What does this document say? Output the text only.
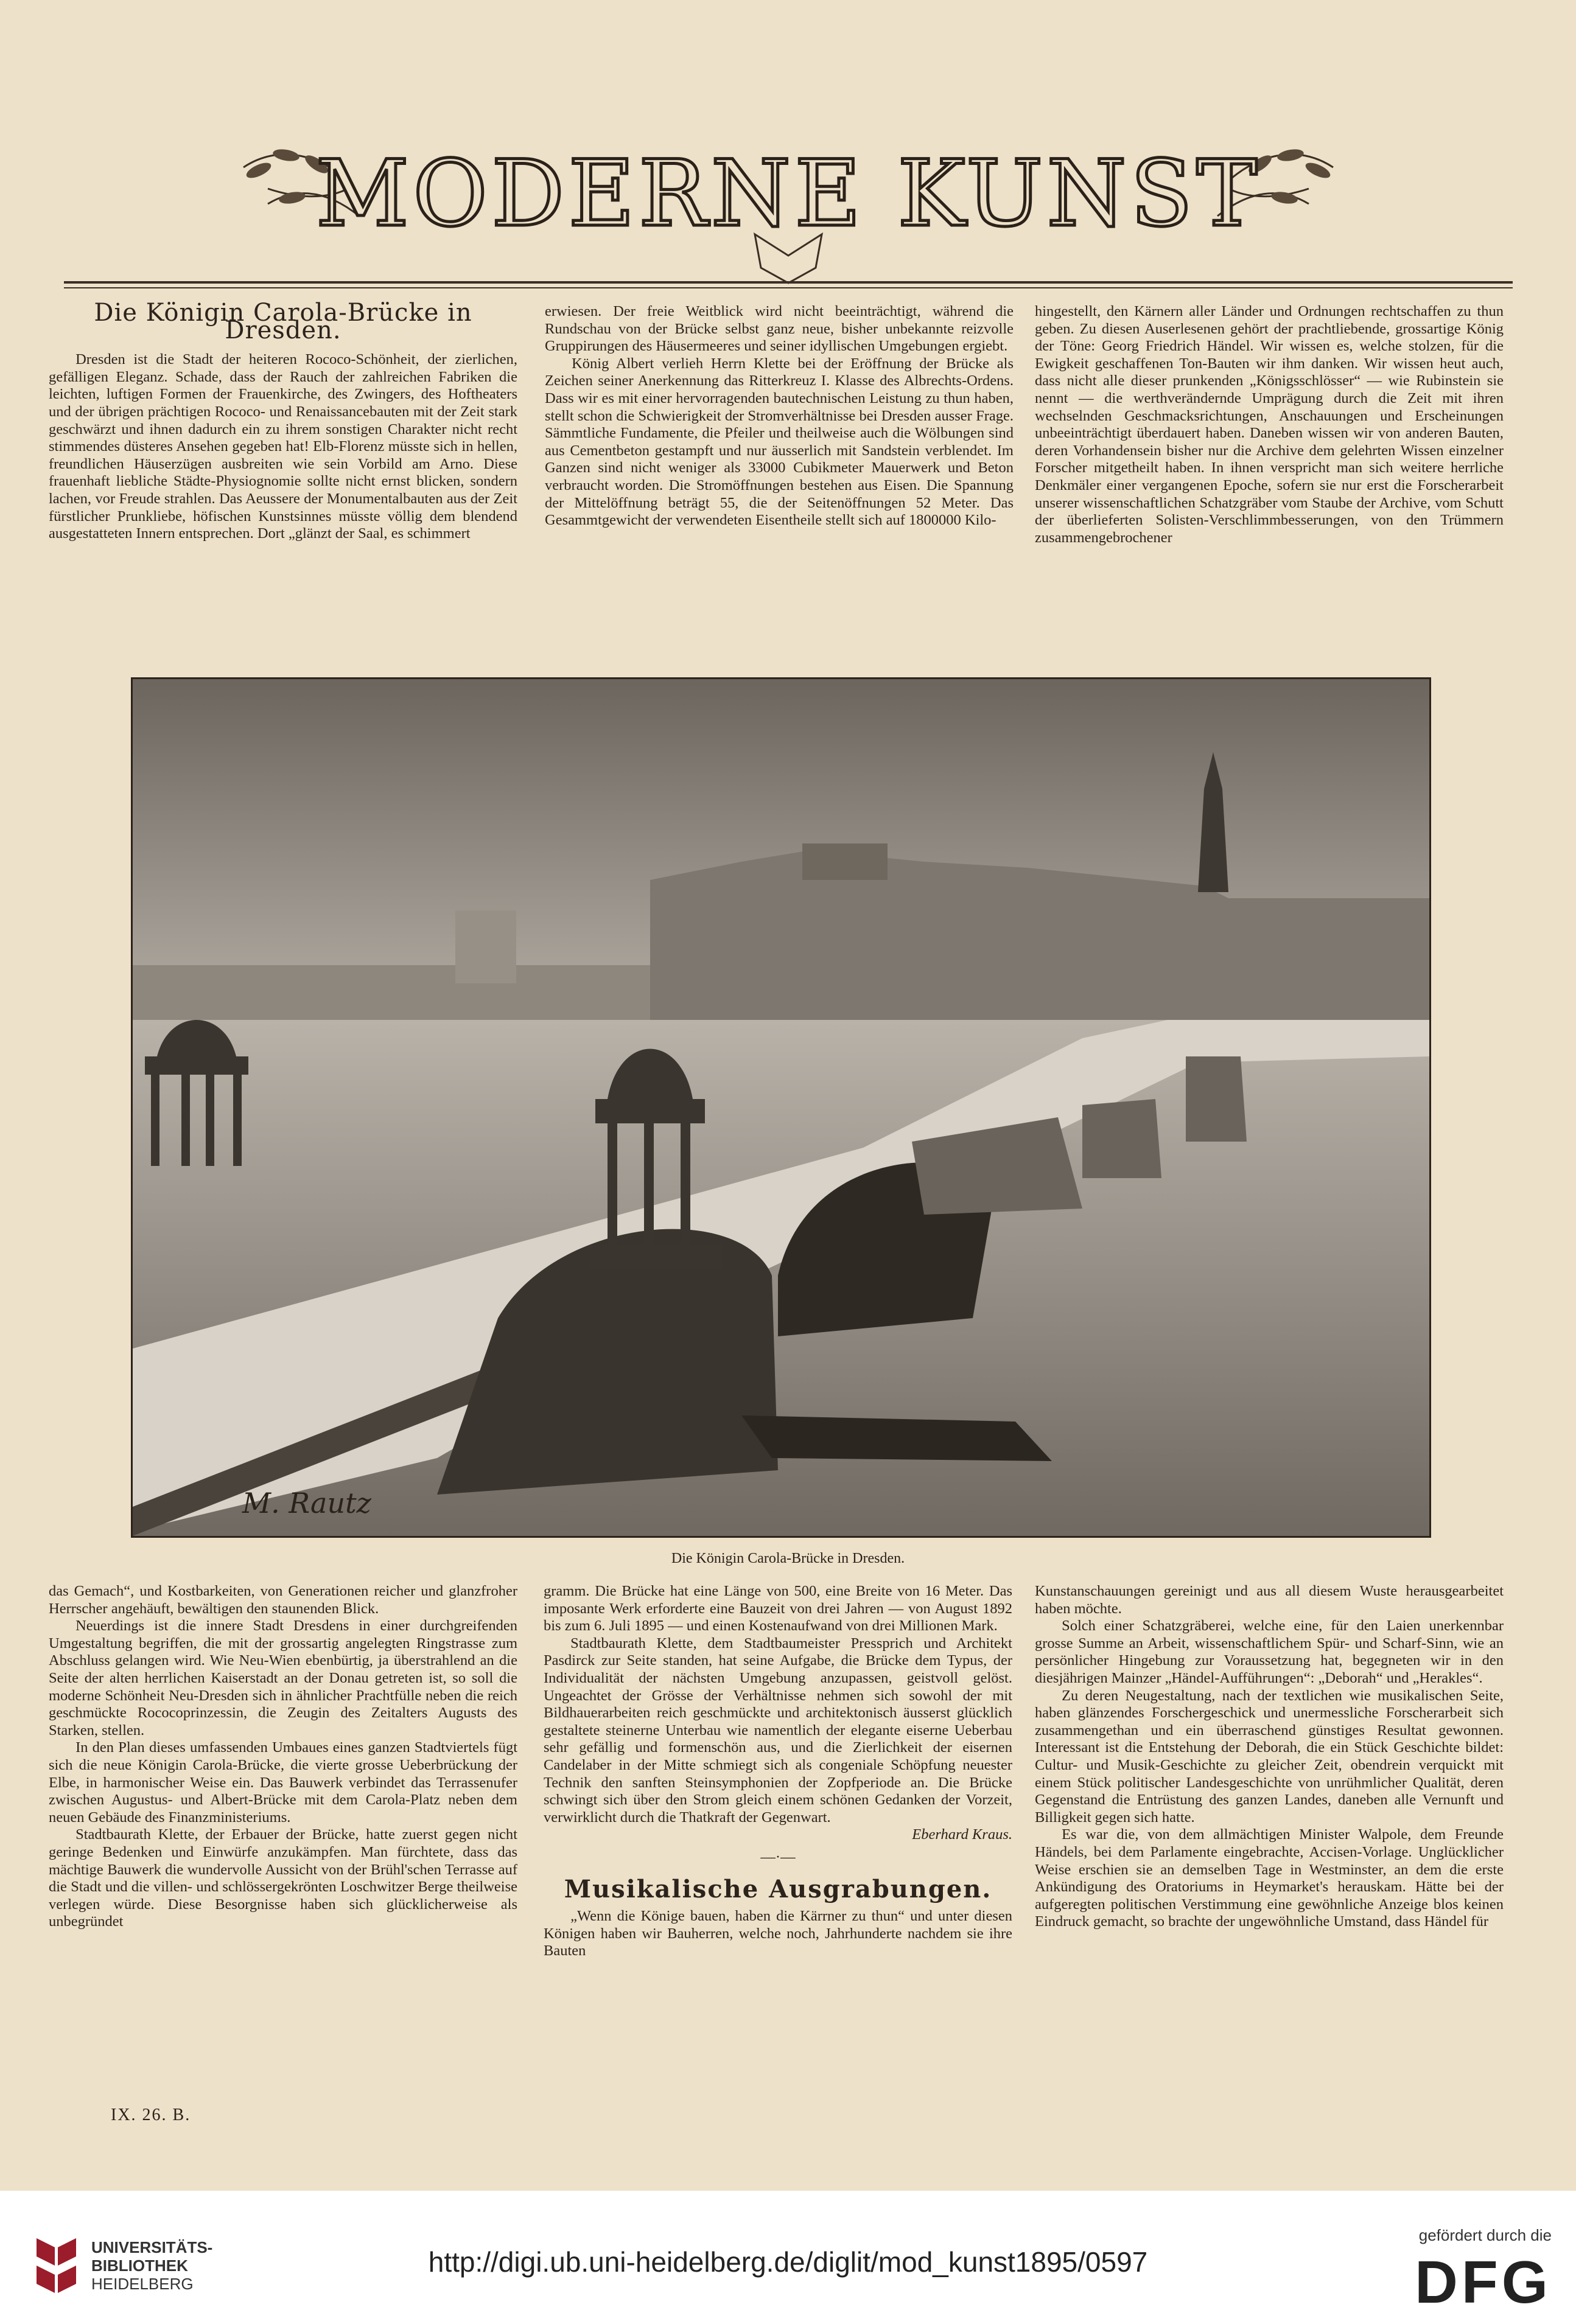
MODERNE KUNST
Die Königin Carola-Brücke in Dresden.

Dresden ist die Stadt der heiteren Rococo-Schönheit, der zierlichen, gefälligen Eleganz. Schade, dass der Rauch der zahlreichen Fabriken die leichten, luftigen Formen der Frauenkirche, des Zwingers, des Hoftheaters und der übrigen prächtigen Rococo- und Renaissancebauten mit der Zeit stark geschwärzt und ihnen dadurch ein zu ihrem sonstigen Charakter nicht recht stimmendes düsteres Ansehen gegeben hat! Elb-Florenz müsste sich in hellen, freundlichen Häuserzügen ausbreiten wie sein Vorbild am Arno. Diese frauenhaft liebliche Städte-Physiognomie sollte nicht ernst blicken, sondern lachen, vor Freude strahlen. Das Aeussere der Monumentalbauten aus der Zeit fürstlicher Prunkliebe, höfischen Kunstsinnes müsste völlig dem blendend ausgestatteten Innern entsprechen. Dort „glänzt der Saal, es schimmert

erwiesen. Der freie Weitblick wird nicht beeinträchtigt, während die Rundschau von der Brücke selbst ganz neue, bisher unbekannte reizvolle Gruppirungen des Häusermeeres und seiner idyllischen Umgebungen ergiebt.

König Albert verlieh Herrn Klette bei der Eröffnung der Brücke als Zeichen seiner Anerkennung das Ritterkreuz I. Klasse des Albrechts-Ordens. Dass wir es mit einer hervorragenden bautechnischen Leistung zu thun haben, stellt schon die Schwierigkeit der Stromverhältnisse bei Dresden ausser Frage. Sämmtliche Fundamente, die Pfeiler und theilweise auch die Wölbungen sind aus Cementbeton gestampft und nur äusserlich mit Sandstein verblendet. Im Ganzen sind nicht weniger als 33000 Cubikmeter Mauerwerk und Beton verbraucht worden. Die Stromöffnungen bestehen aus Eisen. Die Spannung der Mittelöffnung beträgt 55, die der Seitenöffnungen 52 Meter. Das Gesammtgewicht der verwendeten Eisentheile stellt sich auf 1800000 Kilo-

hingestellt, den Kärnern aller Länder und Ordnungen rechtschaffen zu thun geben. Zu diesen Auserlesenen gehört der prachtliebende, grossartige König der Töne: Georg Friedrich Händel. Wir wissen es, welche stolzen, für die Ewigkeit geschaffenen Ton-Bauten wir ihm danken. Wir wissen heut auch, dass nicht alle dieser prunkenden „Königsschlösser“ — wie Rubinstein sie nennt — die werthverändernde Umprägung durch die Zeit mit ihren wechselnden Geschmacksrichtungen, Anschauungen und Erscheinungen unbeeinträchtigt überdauert haben. Daneben wissen wir von anderen Bauten, deren Vorhandensein bisher nur die Archive dem gelehrten Wissen einzelner Forscher mitgetheilt haben. In ihnen verspricht man sich weitere herrliche Denkmäler einer vergangenen Epoche, sofern sie nur erst die Forscherarbeit unserer wissenschaftlichen Schatzgräber vom Staube der Archive, vom Schutt der überlieferten Solisten-Verschlimmbesserungen, von den Trümmern zusammengebrochener

M. Rautz
Die Königin Carola-Brücke in Dresden.

das Gemach“, und Kostbarkeiten, von Generationen reicher und glanzfroher Herrscher angehäuft, bewältigen den staunenden Blick.

Neuerdings ist die innere Stadt Dresdens in einer durchgreifenden Umgestaltung begriffen, die mit der grossartig angelegten Ringstrasse zum Abschluss gelangen wird. Wie Neu-Wien ebenbürtig, ja überstrahlend an die Seite der alten herrlichen Kaiserstadt an der Donau getreten ist, so soll die moderne Schönheit Neu-Dresden sich in ähnlicher Prachtfülle neben die reich geschmückte Rococoprinzessin, die Zeugin des Zeitalters Augusts des Starken, stellen.

In den Plan dieses umfassenden Umbaues eines ganzen Stadtviertels fügt sich die neue Königin Carola-Brücke, die vierte grosse Ueberbrückung der Elbe, in harmonischer Weise ein. Das Bauwerk verbindet das Terrassenufer zwischen Augustus- und Albert-Brücke mit dem Carola-Platz neben dem neuen Gebäude des Finanzministeriums.

Stadtbaurath Klette, der Erbauer der Brücke, hatte zuerst gegen nicht geringe Bedenken und Einwürfe anzukämpfen. Man fürchtete, dass das mächtige Bauwerk die wundervolle Aussicht von der Brühl'schen Terrasse auf die Stadt und die villen- und schlössergekrönten Loschwitzer Berge theilweise verlegen würde. Diese Besorgnisse haben sich glücklicherweise als unbegründet

gramm. Die Brücke hat eine Länge von 500, eine Breite von 16 Meter. Das imposante Werk erforderte eine Bauzeit von drei Jahren — von August 1892 bis zum 6. Juli 1895 — und einen Kostenaufwand von drei Millionen Mark.

Stadtbaurath Klette, dem Stadtbaumeister Pressprich und Architekt Pasdirck zur Seite standen, hat seine Aufgabe, die Brücke dem Typus, der Individualität der nächsten Umgebung anzupassen, geistvoll gelöst. Ungeachtet der Grösse der Verhältnisse nehmen sich sowohl der mit Bildhauerarbeiten reich geschmückte und architektonisch äusserst glücklich gestaltete steinerne Unterbau wie namentlich der elegante eiserne Ueberbau sehr gefällig und formenschön aus, und die Zierlichkeit der eisernen Candelaber in der Mitte schmiegt sich als congeniale Schöpfung neuester Technik den sanften Steinsymphonien der Zopfperiode an. Die Brücke schwingt sich über den Strom gleich einem schönen Gedanken der Vorzeit, verwirklicht durch die Thatkraft der Gegenwart.

Eberhard Kraus.
—·—
Musikalische Ausgrabungen.

„Wenn die Könige bauen, haben die Kärrner zu thun“ und unter diesen Königen haben wir Bauherren, welche noch, Jahrhunderte nachdem sie ihre Bauten

Kunstanschauungen gereinigt und aus all diesem Wuste herausgearbeitet haben möchte.

Solch einer Schatzgräberei, welche eine, für den Laien unerkennbar grosse Summe an Arbeit, wissenschaftlichem Spür- und Scharf-Sinn, wie an persönlicher Hingebung zur Voraussetzung hat, begegneten wir in den diesjährigen Mainzer „Händel-Aufführungen“: „Deborah“ und „Herakles“.

Zu deren Neugestaltung, nach der textlichen wie musikalischen Seite, haben glänzendes Forschergeschick und unermessliche Forscherarbeit sich zusammengethan und ein überraschend günstiges Resultat gewonnen. Interessant ist die Entstehung der Deborah, die ein Stück Geschichte bildet: Cultur- und Musik-Geschichte zu gleicher Zeit, obendrein verquickt mit einem Stück politischer Landesgeschichte von unrühmlicher Qualität, deren Gegenstand die Entrüstung des ganzen Landes, daneben alle Vernunft und Billigkeit gegen sich hatte.

Es war die, von dem allmächtigen Minister Walpole, dem Freunde Händels, bei dem Parlamente eingebrachte, Accisen-Vorlage. Unglücklicher Weise erschien sie an demselben Tage in Westminster, an dem die erste Ankündigung des Oratoriums in Heymarket's herauskam. Hätte bei der aufgeregten politischen Verstimmung eine gewöhnliche Anzeige blos keinen Eindruck gemacht, so brachte der ungewöhnliche Umstand, dass Händel für

IX. 26. B.
UNIVERSITÄTS-
BIBLIOTHEK
HEIDELBERG
http://digi.ub.uni-heidelberg.de/diglit/mod_kunst1895/0597
gefördert durch die
DFG
